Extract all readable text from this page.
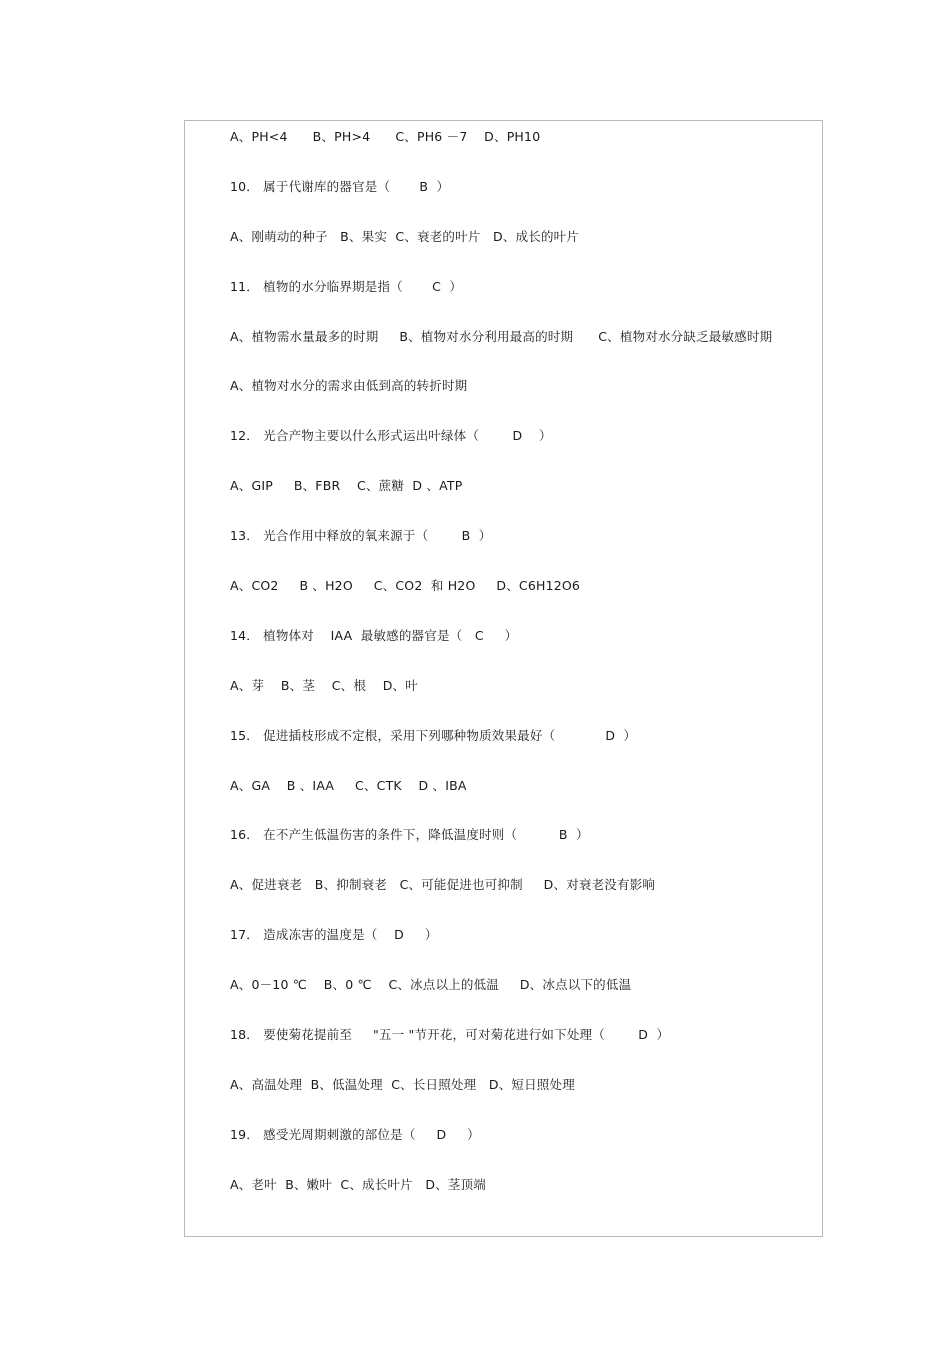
A、PH<4      B、PH>4      C、PH6 －7    D、PH10
10． 属于代谢库的器官是（       B  ）
A、刚萌动的种子   B、果实  C、衰老的叶片   D、成长的叶片
11． 植物的水分临界期是指（       C  ）
A、植物需水量最多的时期     B、植物对水分利用最高的时期      C、植物对水分缺乏最敏感时期
A、植物对水分的需求由低到高的转折时期
12． 光合产物主要以什么形式运出叶绿体（        D    ）
A、GIP     B、FBR    C、蔗糖  D 、ATP
13． 光合作用中释放的氧来源于（        B  ）
A、CO2     B 、H2O     C、CO2  和 H2O     D、C6H12O6
14． 植物体对    IAA  最敏感的器官是（   C     ）
A、芽    B、茎    C、根    D、叶
15． 促进插枝形成不定根，采用下列哪种物质效果最好（            D  ）
A、GA    B 、IAA     C、CTK    D 、IBA
16． 在不产生低温伤害的条件下，降低温度时则（          B  ）
A、促进衰老   B、抑制衰老   C、可能促进也可抑制     D、对衰老没有影响
17． 造成冻害的温度是（    D     ）
A、0－10 ℃    B、0 ℃    C、冰点以上的低温     D、冰点以下的低温
18． 要使菊花提前至     "五一 "节开花，可对菊花进行如下处理（        D  ）
A、高温处理  B、低温处理  C、长日照处理   D、短日照处理
19． 感受光周期刺激的部位是（     D     ）
A、老叶  B、嫩叶  C、成长叶片   D、茎顶端
